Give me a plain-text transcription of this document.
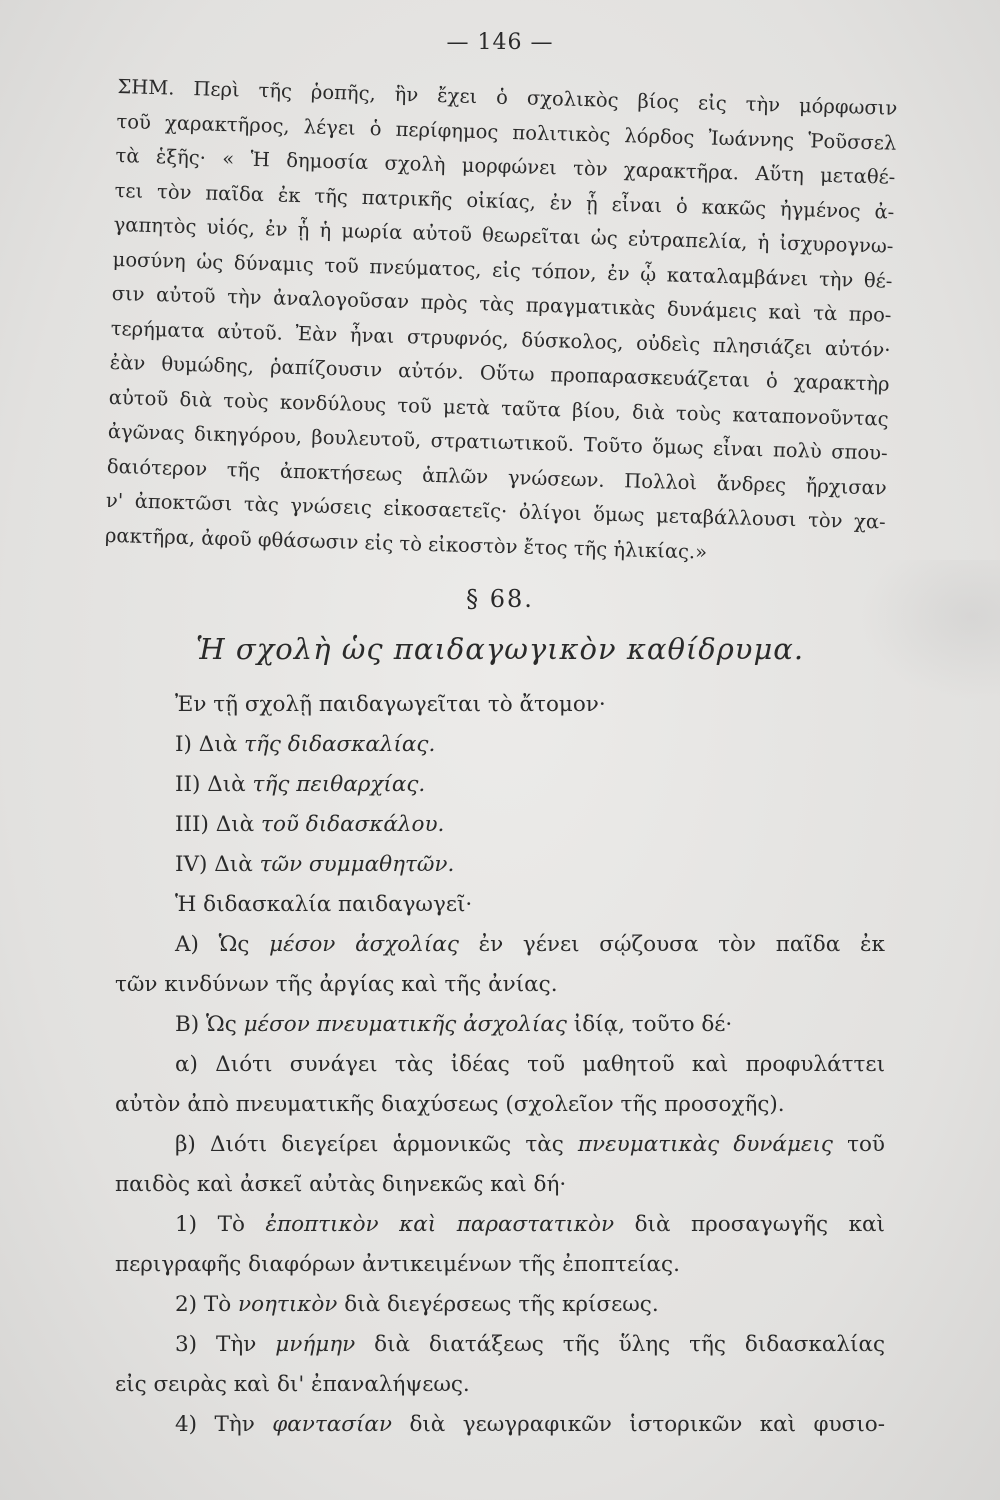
— 146 —
ΣΗΜ. Περὶ τῆς ῥοπῆς, ἣν ἔχει ὁ σχολικὸς βίος εἰς τὴν μόρφωσιν
τοῦ χαρακτῆρος, λέγει ὁ περίφημος πολιτικὸς λόρδος Ἰωάννης Ῥοῦσσελ
τὰ ἑξῆς· « Ἡ δημοσία σχολὴ μορφώνει τὸν χαρακτῆρα. Αὕτη μεταθέ-
τει τὸν παῖδα ἐκ τῆς πατρικῆς οἰκίας, ἐν ᾗ εἶναι ὁ κακῶς ἠγμένος ἀ-
γαπητὸς υἱός, ἐν ᾗ ἡ μωρία αὐτοῦ θεωρεῖται ὡς εὐτραπελία, ἡ ἰσχυρογνω-
μοσύνη ὡς δύναμις τοῦ πνεύματος, εἰς τόπον, ἐν ᾧ καταλαμβάνει τὴν θέ-
σιν αὐτοῦ τὴν ἀναλογοῦσαν πρὸς τὰς πραγματικὰς δυνάμεις καὶ τὰ προ-
τερήματα αὐτοῦ. Ἐὰν ἦναι στρυφνός, δύσκολος, οὐδεὶς πλησιάζει αὐτόν·
ἐὰν θυμώδης, ῥαπίζουσιν αὐτόν. Οὕτω προπαρασκευάζεται ὁ χαρακτὴρ
αὐτοῦ διὰ τοὺς κονδύλους τοῦ μετὰ ταῦτα βίου, διὰ τοὺς καταπονοῦντας
ἀγῶνας δικηγόρου, βουλευτοῦ, στρατιωτικοῦ. Τοῦτο ὅμως εἶναι πολὺ σπου-
δαιότερον τῆς ἀποκτήσεως ἁπλῶν γνώσεων. Πολλοὶ ἄνδρες ἤρχισαν
ν' ἀποκτῶσι τὰς γνώσεις εἰκοσαετεῖς· ὀλίγοι ὅμως μεταβάλλουσι τὸν χα-
ρακτῆρα, ἀφοῦ φθάσωσιν εἰς τὸ εἰκοστὸν ἔτος τῆς ἡλικίας.»
§ 68.
Ἡ σχολὴ ὡς παιδαγωγικὸν καθίδρυμα.
Ἐν τῇ σχολῇ παιδαγωγεῖται τὸ ἄτομον·
I) Διὰ τῆς διδασκαλίας.
II) Διὰ τῆς πειθαρχίας.
III) Διὰ τοῦ διδασκάλου.
IV) Διὰ τῶν συμμαθητῶν.
Ἡ διδασκαλία παιδαγωγεῖ·
Α) Ὡς μέσον ἀσχολίας ἐν γένει σῴζουσα τὸν παῖδα ἐκ
τῶν κινδύνων τῆς ἀργίας καὶ τῆς ἀνίας.
Β) Ὡς μέσον πνευματικῆς ἀσχολίας ἰδίᾳ, τοῦτο δέ·
α) Διότι συνάγει τὰς ἰδέας τοῦ μαθητοῦ καὶ προφυλάττει
αὐτὸν ἀπὸ πνευματικῆς διαχύσεως (σχολεῖον τῆς προσοχῆς).
β) Διότι διεγείρει ἁρμονικῶς τὰς πνευματικὰς δυνάμεις τοῦ
παιδὸς καὶ ἀσκεῖ αὐτὰς διηνεκῶς καὶ δή·
1) Τὸ ἐποπτικὸν καὶ παραστατικὸν διὰ προσαγωγῆς καὶ
περιγραφῆς διαφόρων ἀντικειμένων τῆς ἐποπτείας.
2) Τὸ νοητικὸν διὰ διεγέρσεως τῆς κρίσεως.
3) Τὴν μνήμην διὰ διατάξεως τῆς ὕλης τῆς διδασκαλίας
εἰς σειρὰς καὶ δι' ἐπαναλήψεως.
4) Τὴν φαντασίαν διὰ γεωγραφικῶν ἱστορικῶν καὶ φυσιο-
